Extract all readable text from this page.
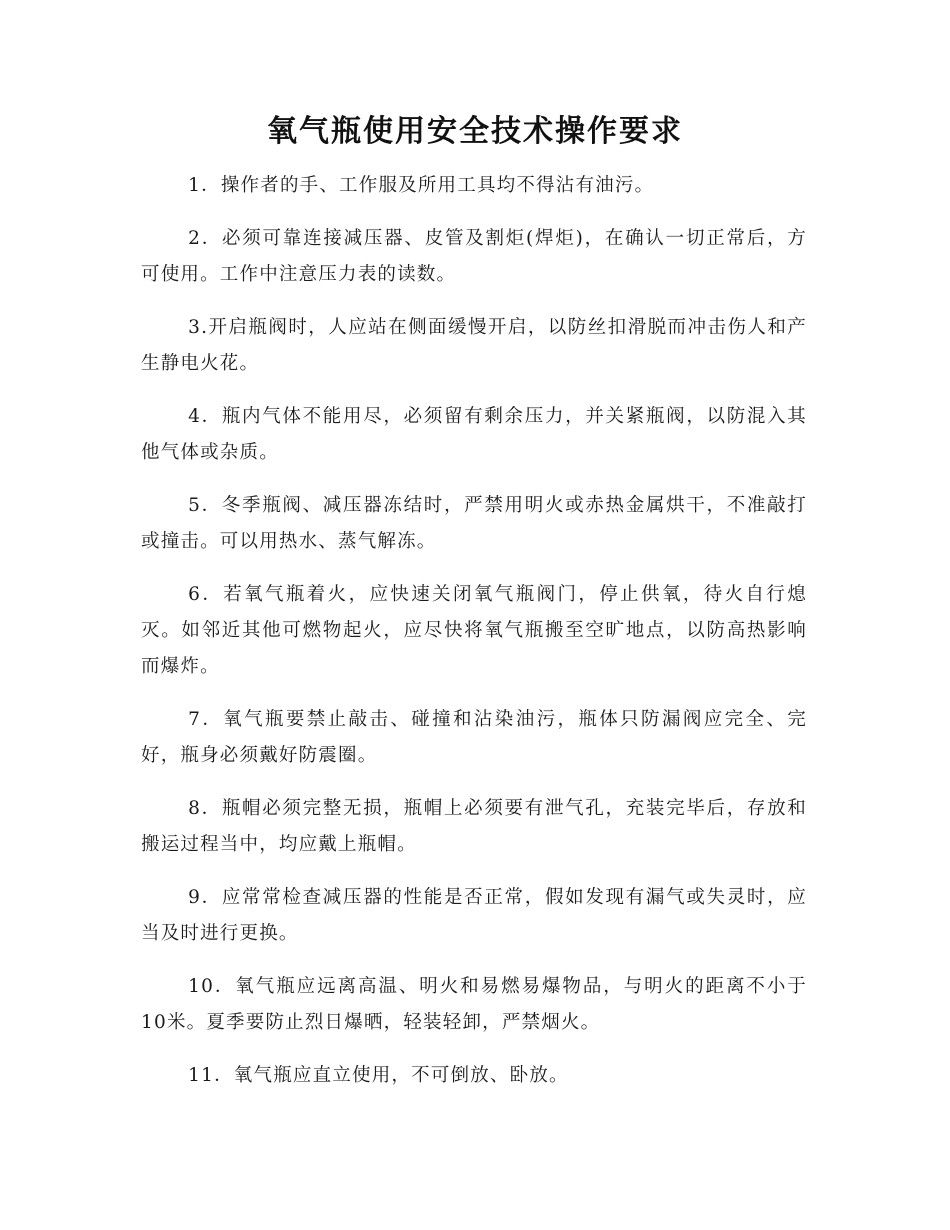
氧气瓶使用安全技术操作要求

1．操作者的手、工作服及所用工具均不得沾有油污。

2．必须可靠连接减压器、皮管及割炬(焊炬)，在确认一切正常后，方可使用。工作中注意压力表的读数。

3.开启瓶阀时，人应站在侧面缓慢开启，以防丝扣滑脱而冲击伤人和产生静电火花。

4．瓶内气体不能用尽，必须留有剩余压力，并关紧瓶阀，以防混入其他气体或杂质。

5．冬季瓶阀、减压器冻结时，严禁用明火或赤热金属烘干，不准敲打或撞击。可以用热水、蒸气解冻。

6．若氧气瓶着火，应快速关闭氧气瓶阀门，停止供氧，待火自行熄灭。如邻近其他可燃物起火，应尽快将氧气瓶搬至空旷地点，以防高热影响而爆炸。

7．氧气瓶要禁止敲击、碰撞和沾染油污，瓶体只防漏阀应完全、完好，瓶身必须戴好防震圈。

8．瓶帽必须完整无损，瓶帽上必须要有泄气孔，充装完毕后，存放和搬运过程当中，均应戴上瓶帽。

9．应常常检查减压器的性能是否正常，假如发现有漏气或失灵时，应当及时进行更换。

10．氧气瓶应远离高温、明火和易燃易爆物品，与明火的距离不小于10米。夏季要防止烈日爆晒，轻装轻卸，严禁烟火。

11．氧气瓶应直立使用，不可倒放、卧放。
